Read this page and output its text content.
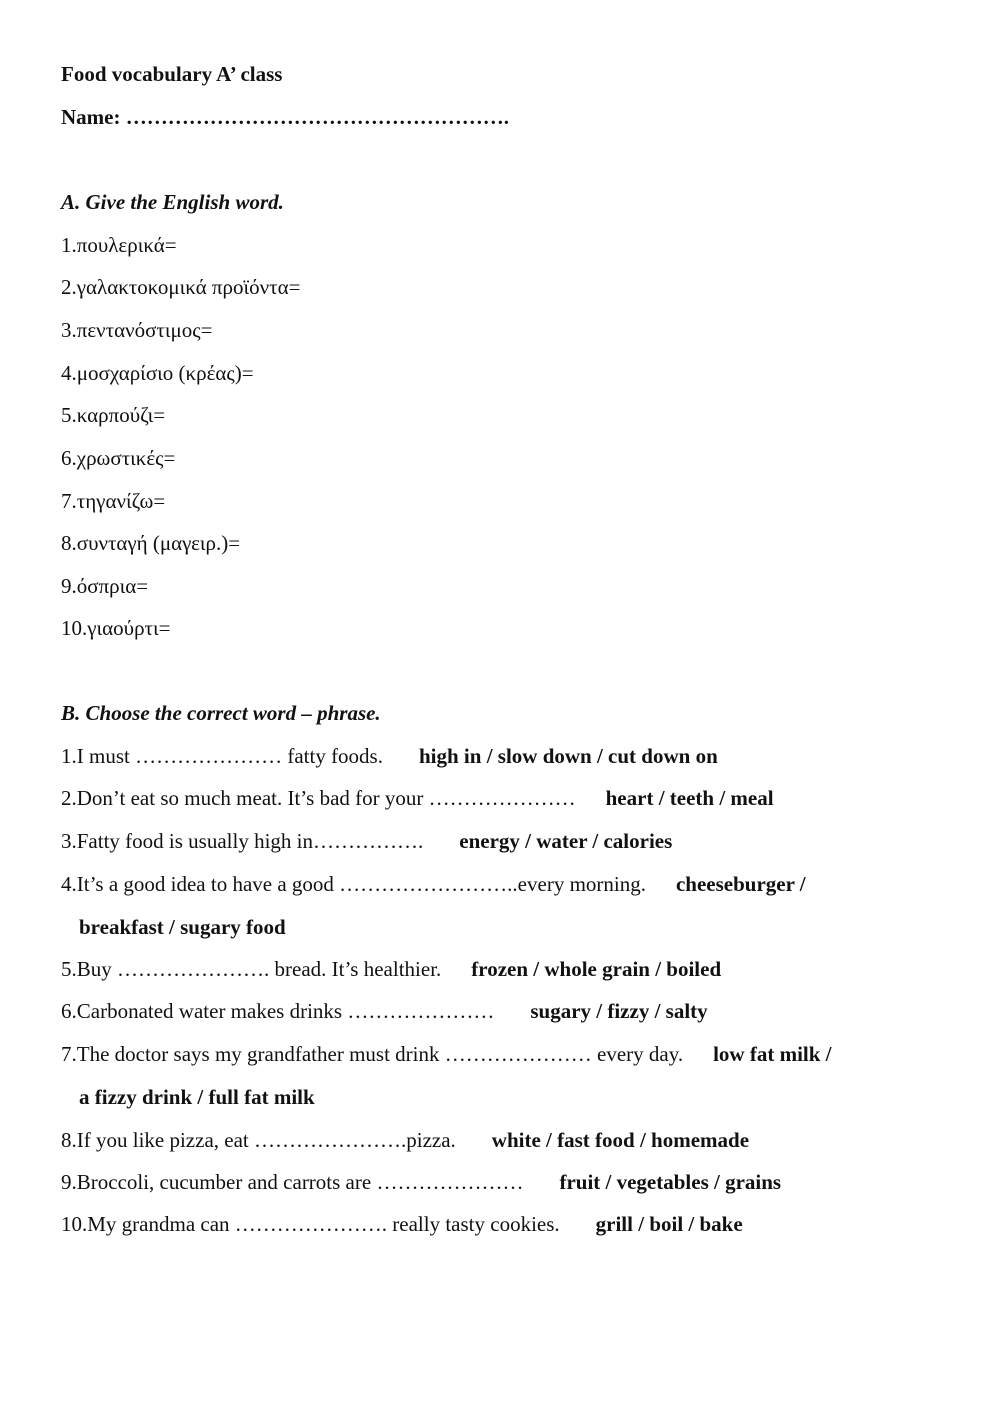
Food vocabulary A’ class
Name: ……………………………………………….
A. Give the English word.
1.πουλερικά=
2.γαλακτοκομικά προϊόντα=
3.πεντανόστιμος=
4.μοσχαρίσιο (κρέας)=
5.καρπούζι=
6.χρωστικές=
7.τηγανίζω=
8.συνταγή (μαγειρ.)=
9.όσπρια=
10.γιαούρτι=
B. Choose the correct word – phrase.
1.I must ………………… fatty foods. high in / slow down / cut down on
2.Don’t eat so much meat. It’s bad for your ………………… heart / teeth / meal
3.Fatty food is usually high in……………. energy / water / calories
4.It’s a good idea to have a good ……………………..every morning. cheeseburger /
breakfast / sugary food
5.Buy …………………. bread. It’s healthier. frozen / whole grain / boiled
6.Carbonated water makes drinks ………………… sugary / fizzy / salty
7.The doctor says my grandfather must drink ………………… every day. low fat milk /
a fizzy drink / full fat milk
8.If you like pizza, eat ………………….pizza. white / fast food / homemade
9.Broccoli, cucumber and carrots are ………………… fruit / vegetables / grains
10.My grandma can …………………. really tasty cookies. grill / boil / bake
